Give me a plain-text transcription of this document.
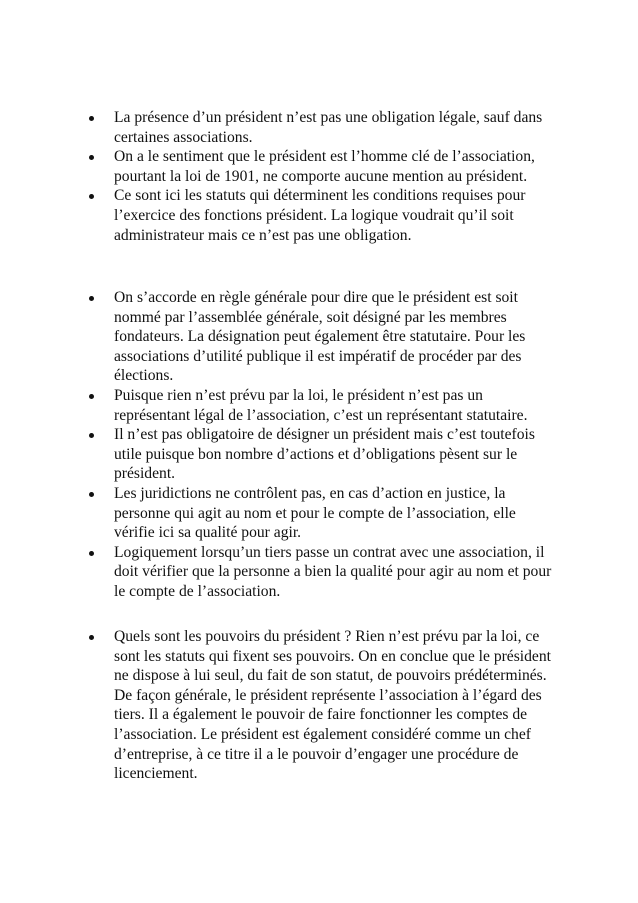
La présence d’un président n’est pas une obligation légale, sauf dans certaines associations.
On a le sentiment que le président est l’homme clé de l’association, pourtant la loi de 1901, ne comporte aucune mention au président.
Ce sont ici les statuts qui déterminent les conditions requises pour l’exercice des fonctions président. La logique voudrait qu’il soit administrateur mais ce n’est pas une obligation.
On s’accorde en règle générale pour dire que le président est soit nommé par l’assemblée générale, soit désigné par les membres fondateurs. La désignation peut également être statutaire. Pour les associations d’utilité publique il est impératif de procéder par des élections.
Puisque rien n’est prévu par la loi, le président n’est pas un représentant légal de l’association, c’est un représentant statutaire.
Il n’est pas obligatoire de désigner un président mais c’est toutefois utile puisque bon nombre d’actions et d’obligations pèsent sur le président.
Les juridictions ne contrôlent pas, en cas d’action en justice, la personne qui agit au nom et pour le compte de l’association, elle vérifie ici sa qualité pour agir.
Logiquement lorsqu’un tiers passe un contrat avec une association, il doit vérifier que la personne a bien la qualité pour agir au nom et pour le compte de l’association.
Quels sont les pouvoirs du président ? Rien n’est prévu par la loi, ce sont les statuts qui fixent ses pouvoirs. On en conclue que le président ne dispose à lui seul, du fait de son statut, de pouvoirs prédéterminés. De façon générale, le président représente l’association à l’égard des tiers. Il a également le pouvoir de faire fonctionner les comptes de l’association. Le président est également considéré comme un chef d’entreprise, à ce titre il a le pouvoir d’engager une procédure de licenciement.
